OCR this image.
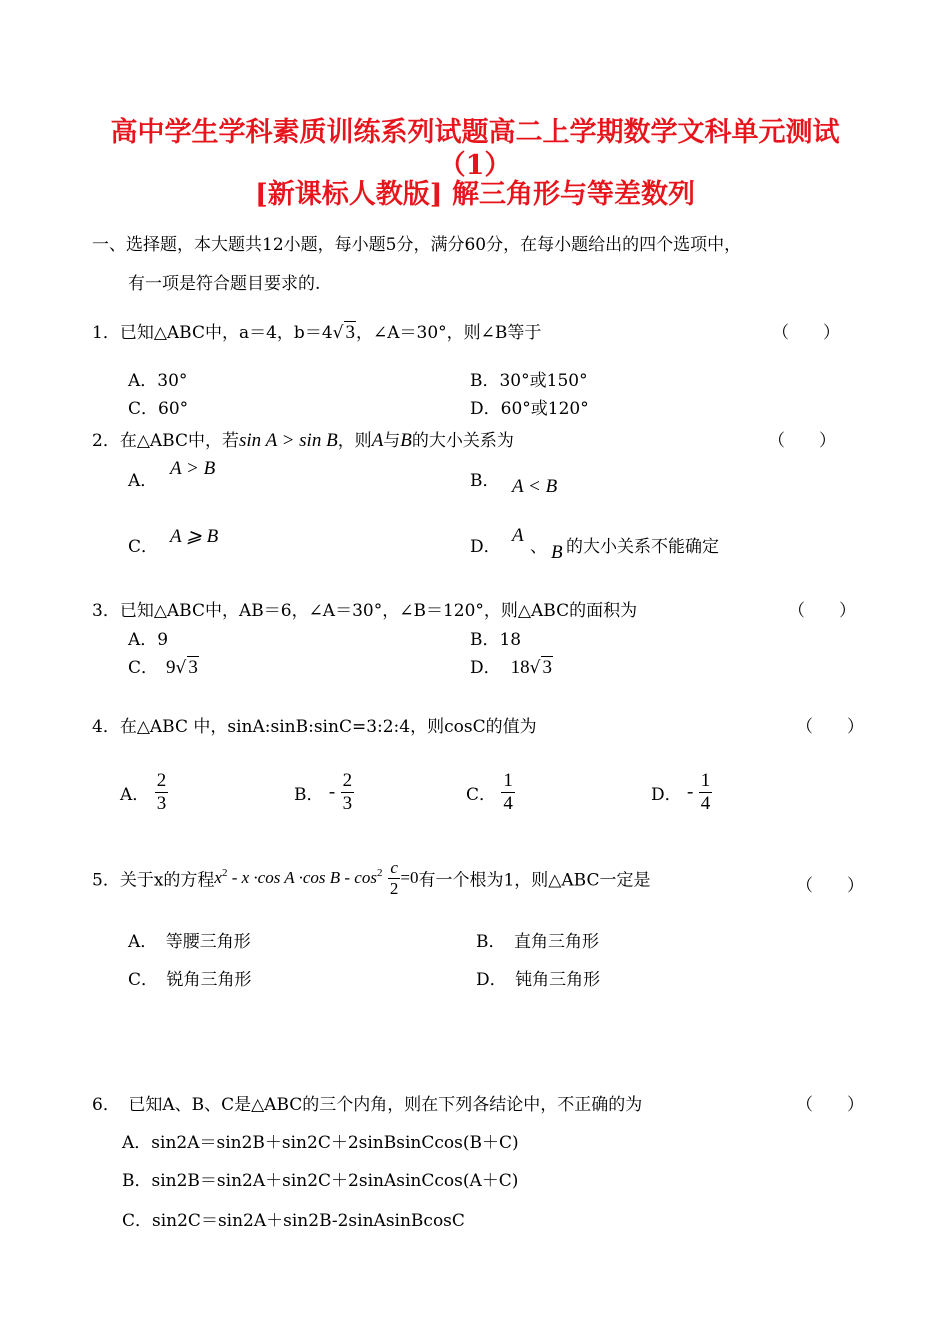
高中学生学科素质训练系列试题高二上学期数学文科单元测试
（1）
[新课标人教版] 解三角形与等差数列
一、选择题，本大题共12小题，每小题5分，满分60分，在每小题给出的四个选项中，
有一项是符合题目要求的.
1．已知△ABC中，a＝4，b＝4√ 3，∠A＝30°，则∠B等于	（　　）
A．30°	B．30°或150°
C．60°	D．60°或120°
2．在△ABC中，若sin A > sin B，则A与B的大小关系为	（　　）
A．
A > B
B． A < B
C． A ⩾ B	D．
A
、 B 的大小关系不能确定
3．已知△ABC中，AB＝6，∠A＝30°，∠B＝120°，则△ABC的面积为	（　　）
A．9	B．18
C． 9√ 3	D． 18√ 3
4．在△ABC 中，sinA:sinB:sinC=3:2:4，则cosC的值为	（　　）
A． $\frac{2}{3}$	B． - $\frac{2}{3}$	C． $\frac{1}{4}$	D． - $\frac{1}{4}$
5．关于x的方程$x^2 - x \cdot\cos$ A ·cos $B - \cos^2 \frac{c}{2} =0$有一个根为1，则△ABC一定是	（　　）
A．　等腰三角形	B．　直角三角形
C．　锐角三角形	D．　钝角三角形
6．　已知A、B、C是△ABC的三个内角，则在下列各结论中，不正确的为	（　　）
A．sin2A＝sin2B＋sin2C＋2sinBsinCcos(B＋C)
B．sin2B＝sin2A＋sin2C＋2sinAsinCcos(A＋C)
C．sin2C＝sin2A＋sin2B-2sinAsinBcosC
